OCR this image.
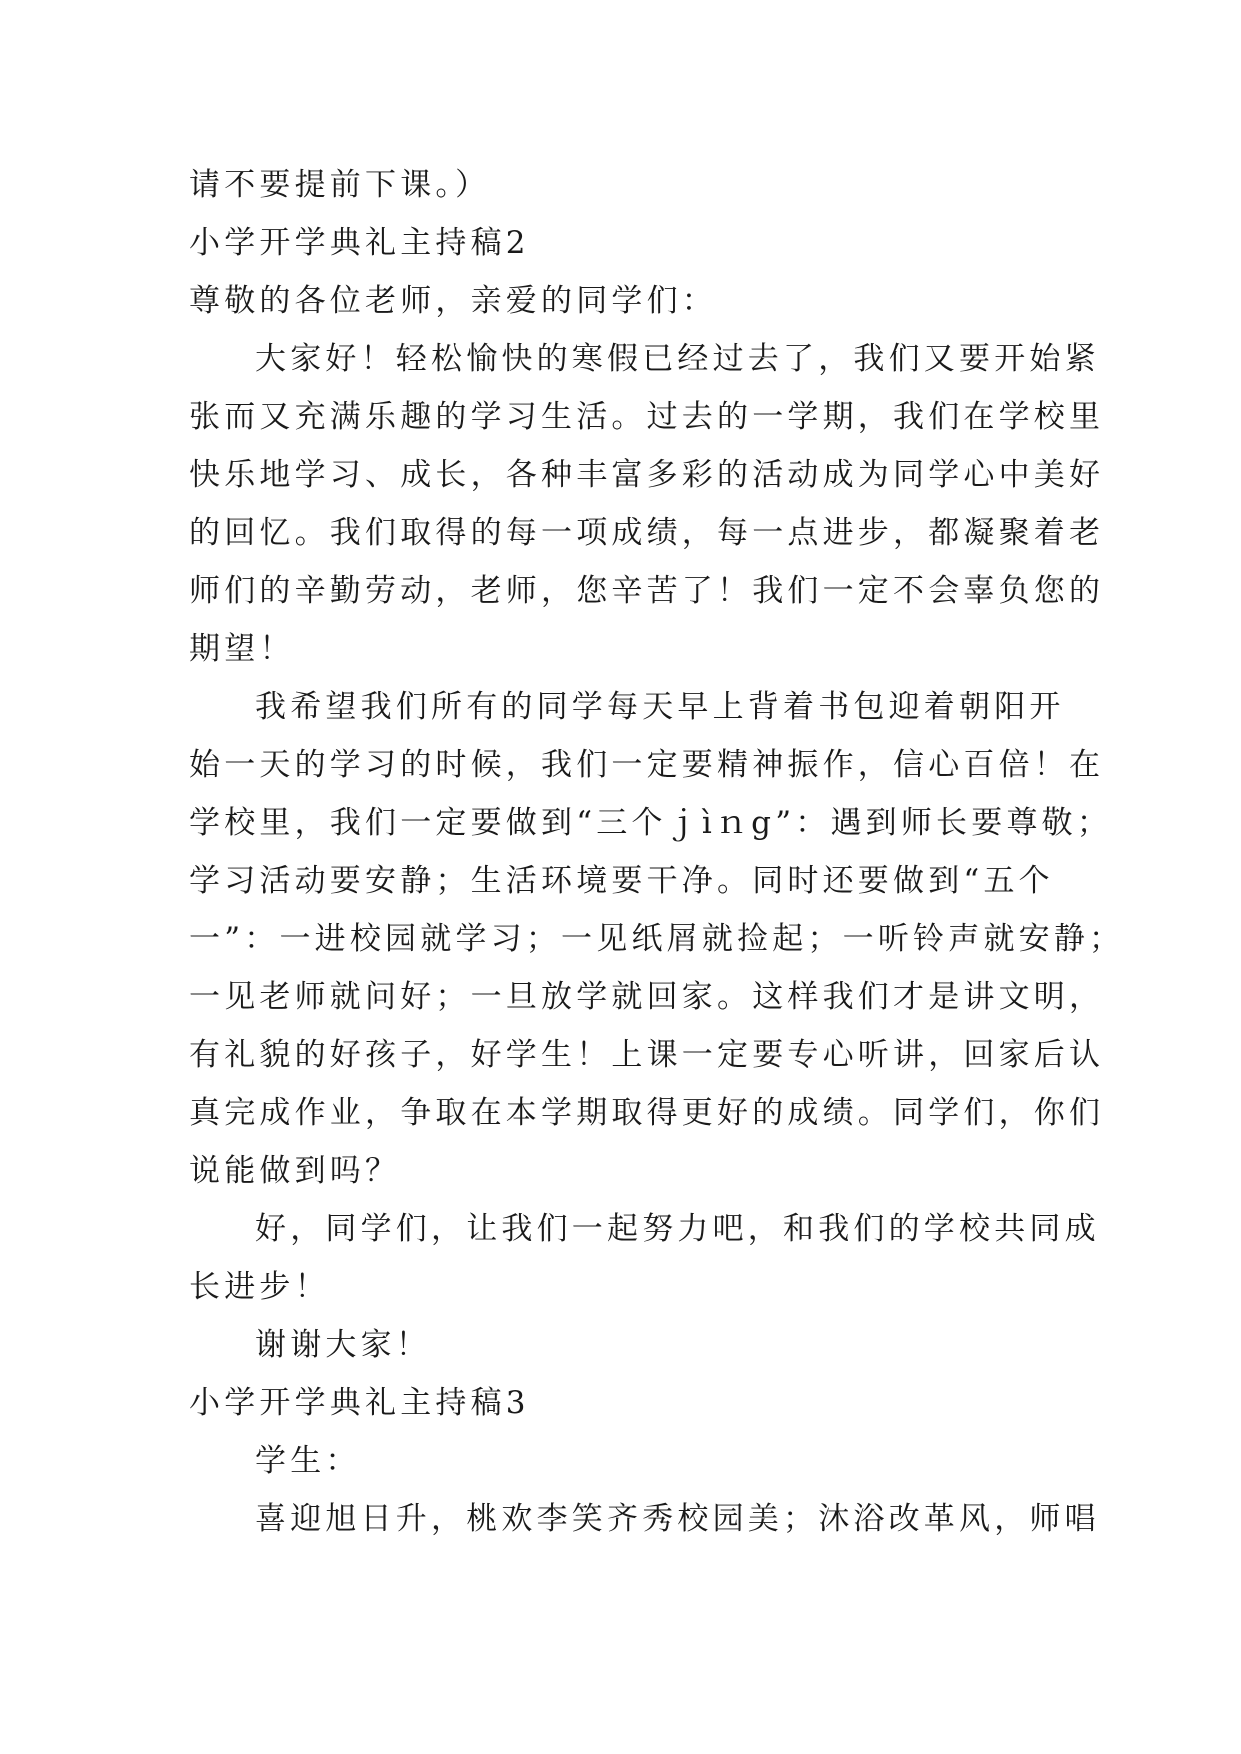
请不要提前下课。）
小学开学典礼主持稿2
尊敬的各位老师，亲爱的同学们：
大家好！轻松愉快的寒假已经过去了，我们又要开始紧
张而又充满乐趣的学习生活。过去的一学期，我们在学校里
快乐地学习、成长，各种丰富多彩的活动成为同学心中美好
的回忆。我们取得的每一项成绩，每一点进步，都凝聚着老
师们的辛勤劳动，老师，您辛苦了！我们一定不会辜负您的
期望！
我希望我们所有的同学每天早上背着书包迎着朝阳开
始一天的学习的时候，我们一定要精神振作，信心百倍！在
学校里，我们一定要做到“三个ｊìｎg”：遇到师长要尊敬；
学习活动要安静；生活环境要干净。同时还要做到“五个
一”：一进校园就学习；一见纸屑就捡起；一听铃声就安静；
一见老师就问好；一旦放学就回家。这样我们才是讲文明，
有礼貌的好孩子，好学生！上课一定要专心听讲，回家后认
真完成作业，争取在本学期取得更好的成绩。同学们，你们
说能做到吗？
好，同学们，让我们一起努力吧，和我们的学校共同成
长进步！
谢谢大家！
小学开学典礼主持稿3
学生：
喜迎旭日升，桃欢李笑齐秀校园美；沐浴改革风，师唱
